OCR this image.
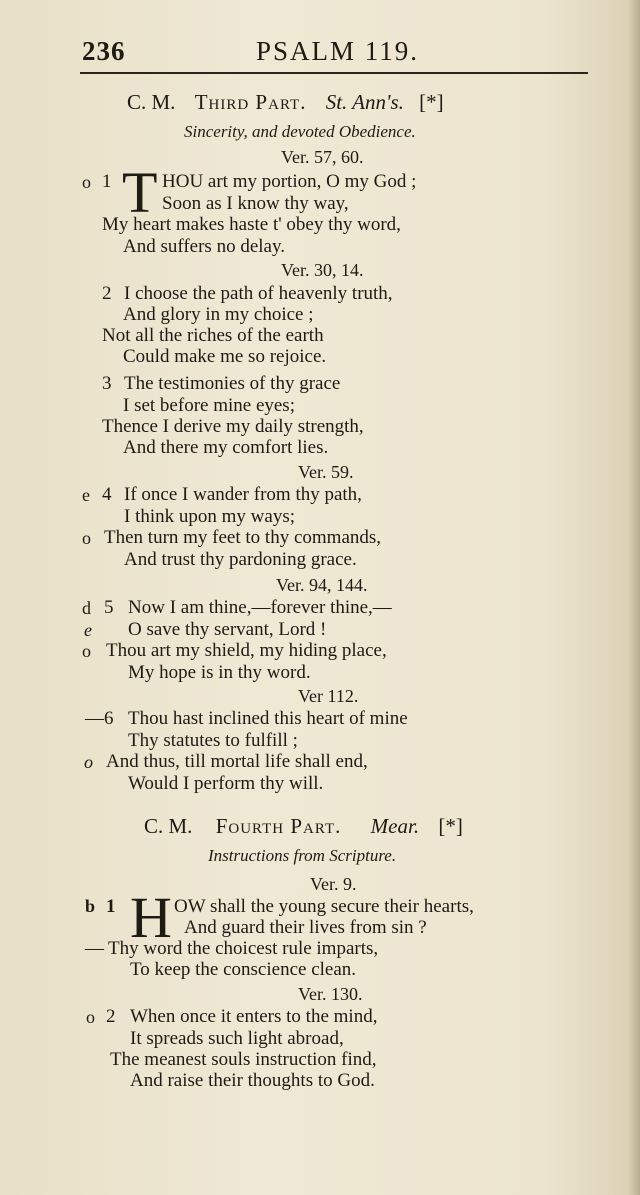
236	PSALM 119.
C. M. Third Part. St. Ann's. [*]
Sincerity, and devoted Obedience.
Ver. 57, 60.
o 1 T HOU art my portion, O my God ;
Soon as I know thy way,
My heart makes haste t' obey thy word,
And suffers no delay.
Ver. 30, 14.
2 I choose the path of heavenly truth,
And glory in my choice ;
Not all the riches of the earth
Could make me so rejoice.
3 The testimonies of thy grace
I set before mine eyes;
Thence I derive my daily strength,
And there my comfort lies.
Ver. 59.
e 4 If once I wander from thy path,
I think upon my ways;
o Then turn my feet to thy commands,
And trust thy pardoning grace.
Ver. 94, 144.
d 5 Now I am thine,—forever thine,—
e O save thy servant, Lord !
o Thou art my shield, my hiding place,
My hope is in thy word.
Ver 112.
—6 Thou hast inclined this heart of mine
Thy statutes to fulfill ;
o And thus, till mortal life shall end,
Would I perform thy will.
C. M. Fourth Part. Mear. [*]
Instructions from Scripture.
Ver. 9.
b 1 H OW shall the young secure their hearts,
And guard their lives from sin ?
— Thy word the choicest rule imparts,
To keep the conscience clean.
Ver. 130.
o 2 When once it enters to the mind,
It spreads such light abroad,
The meanest souls instruction find,
And raise their thoughts to God.
